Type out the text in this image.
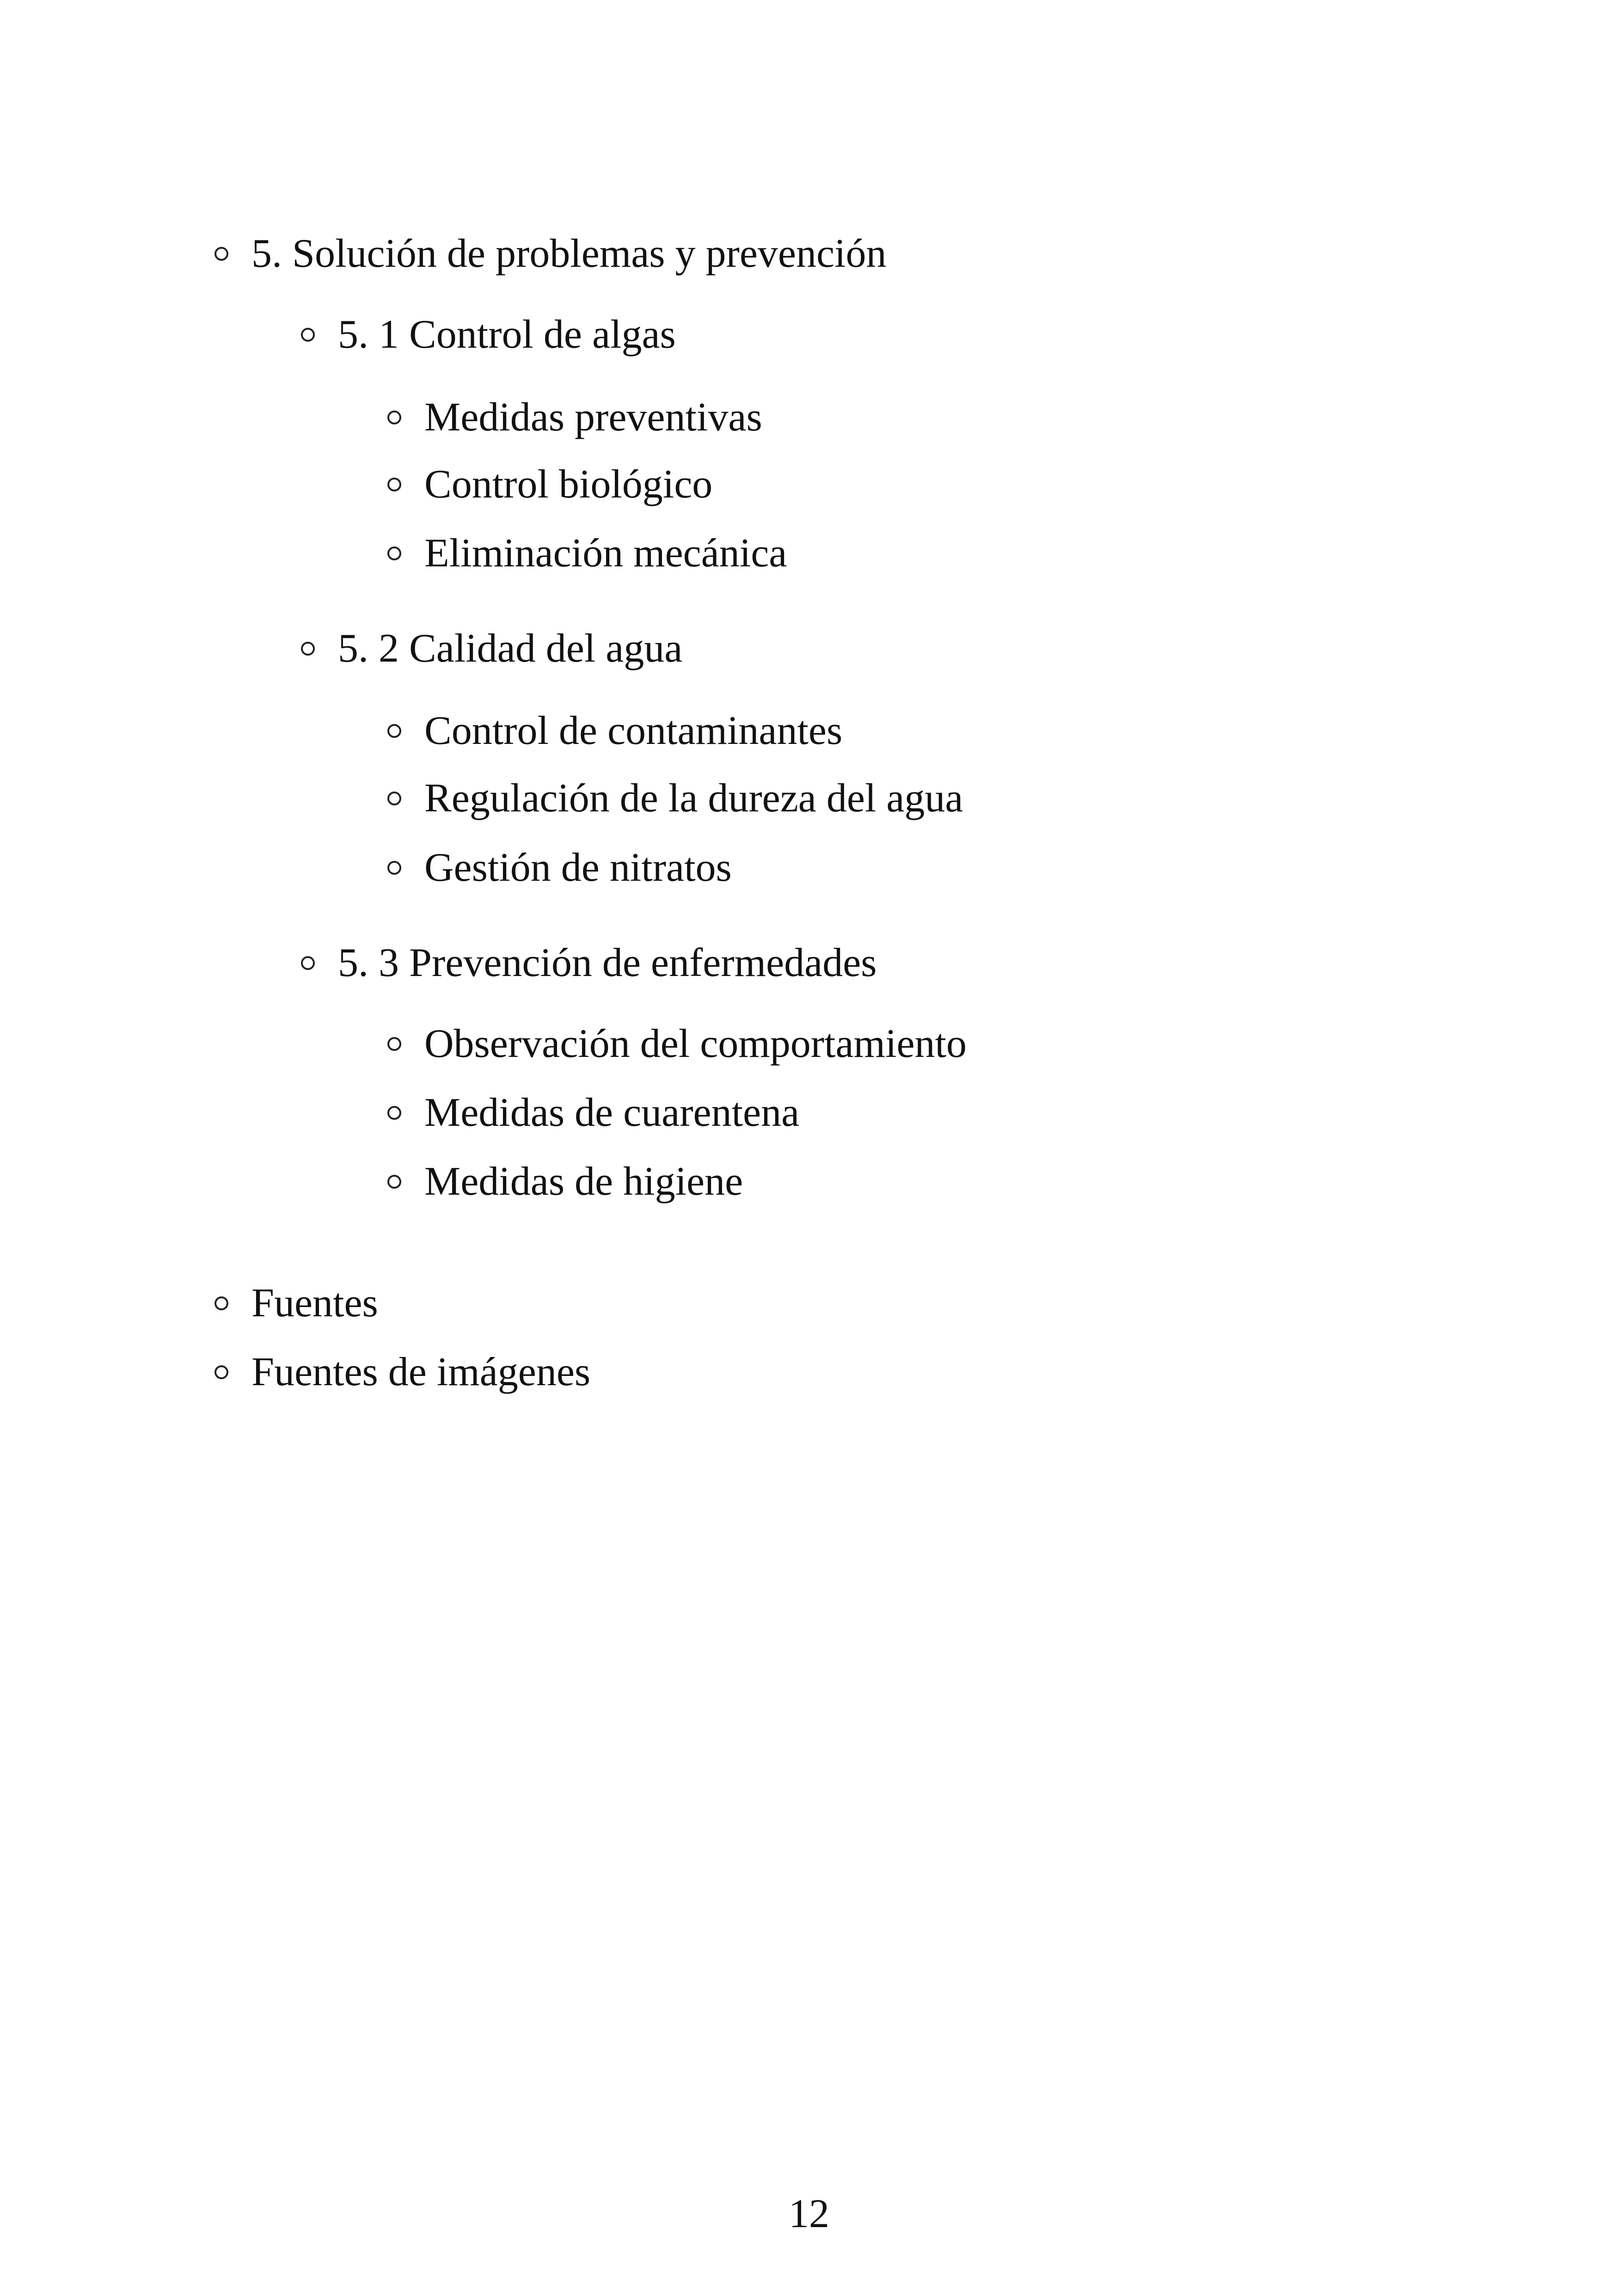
5. Solución de problemas y prevención
5. 1 Control de algas
Medidas preventivas
Control biológico
Eliminación mecánica
5. 2 Calidad del agua
Control de contaminantes
Regulación de la dureza del agua
Gestión de nitratos
5. 3 Prevención de enfermedades
Observación del comportamiento
Medidas de cuarentena
Medidas de higiene
Fuentes
Fuentes de imágenes
12
